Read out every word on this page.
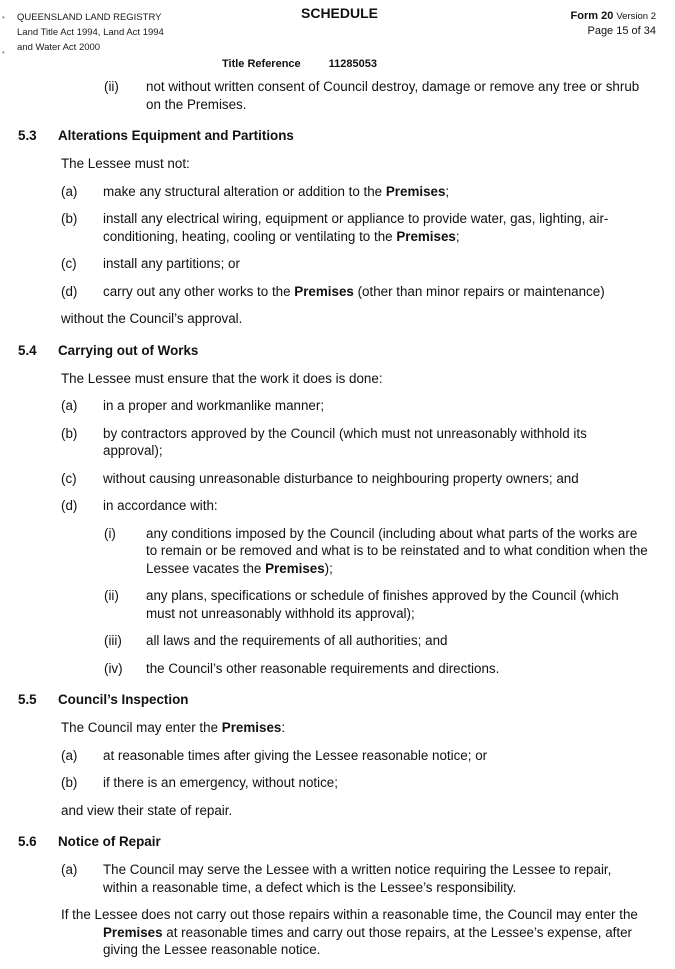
•
•
QUEENSLAND LAND REGISTRY
Land Title Act 1994, Land Act 1994
and Water Act 2000
SCHEDULE	Form 20 Version 2
Page 15 of 34
Title Reference	11285053
(ii) not without written consent of Council destroy, damage or remove any tree or shrub on the Premises.
5.3 Alterations Equipment and Partitions
The Lessee must not:
(a) make any structural alteration or addition to the Premises;
(b) install any electrical wiring, equipment or appliance to provide water, gas, lighting, air-conditioning, heating, cooling or ventilating to the Premises;
(c) install any partitions; or
(d) carry out any other works to the Premises (other than minor repairs or maintenance)
without the Council’s approval.
5.4 Carrying out of Works
The Lessee must ensure that the work it does is done:
(a) in a proper and workmanlike manner;
(b) by contractors approved by the Council (which must not unreasonably withhold its approval);
(c) without causing unreasonable disturbance to neighbouring property owners; and
(d) in accordance with:
(i) any conditions imposed by the Council (including about what parts of the works are to remain or be removed and what is to be reinstated and to what condition when the Lessee vacates the Premises);
(ii) any plans, specifications or schedule of finishes approved by the Council (which must not unreasonably withhold its approval);
(iii) all laws and the requirements of all authorities; and
(iv) the Council’s other reasonable requirements and directions.
5.5 Council’s Inspection
The Council may enter the Premises:
(a) at reasonable times after giving the Lessee reasonable notice; or
(b) if there is an emergency, without notice;
and view their state of repair.
5.6 Notice of Repair
(a) The Council may serve the Lessee with a written notice requiring the Lessee to repair, within a reasonable time, a defect which is the Lessee’s responsibility.
If the Lessee does not carry out those repairs within a reasonable time, the Council may enter the Premises at reasonable times and carry out those repairs, at the Lessee’s expense, after giving the Lessee reasonable notice.
